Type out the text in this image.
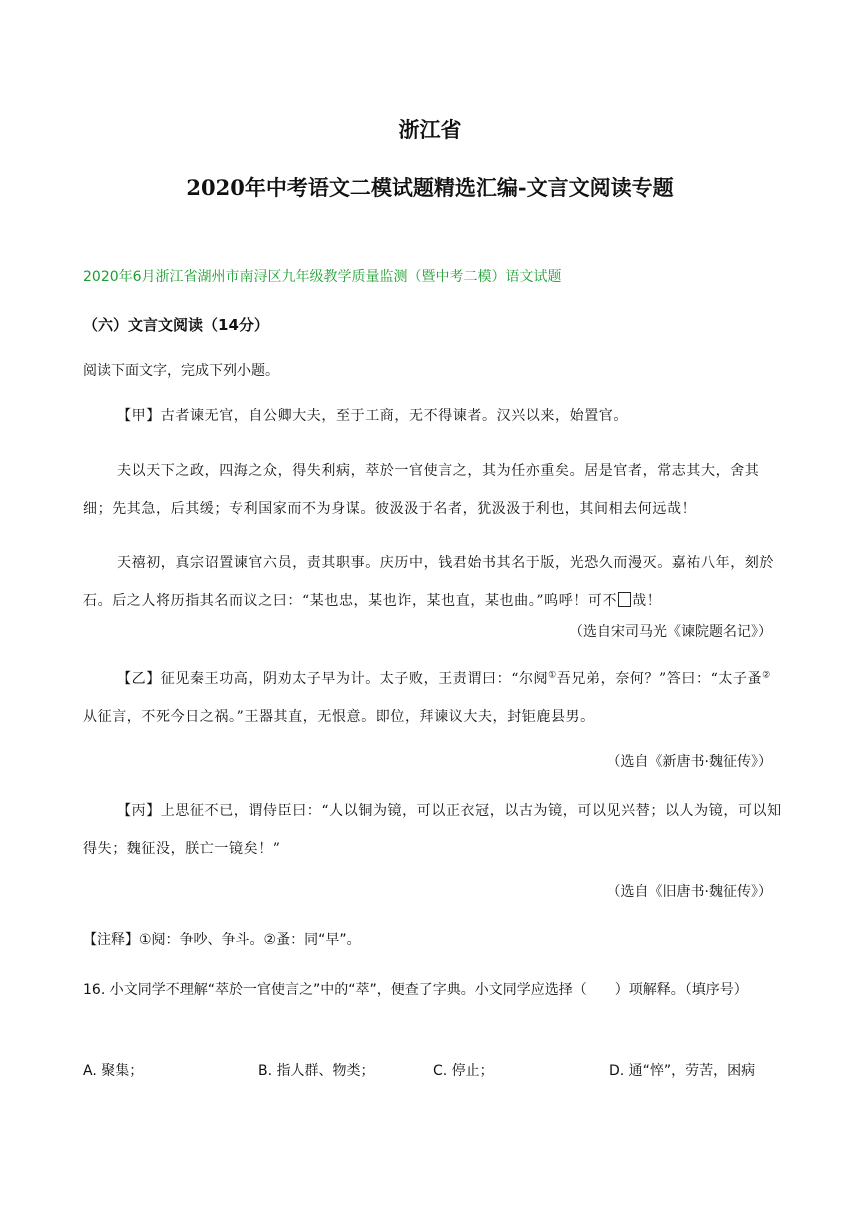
浙江省
2020年中考语文二模试题精选汇编-文言文阅读专题
2020年6月浙江省湖州市南浔区九年级教学质量监测（暨中考二模）语文试题
（六）文言文阅读（14分）
阅读下面文字，完成下列小题。
【甲】古者谏无官，自公卿大夫，至于工商，无不得谏者。汉兴以来，始置官。
夫以天下之政，四海之众，得失利病，萃於一官使言之，其为任亦重矣。居是官者，常志其大，舍其细；先其急，后其缓；专利国家而不为身谋。彼汲汲于名者，犹汲汲于利也，其间相去何远哉！
天禧初，真宗诏置谏官六员，责其职事。庆历中，钱君始书其名于版，光恐久而漫灭。嘉祐八年，刻於石。后之人将历指其名而议之曰：“某也忠，某也诈，某也直，某也曲。”呜呼！可不 哉！
（选自宋司马光《谏院题名记》）
【乙】征见秦王功高，阴劝太子早为计。太子败，王责谓曰：“尔阋①吾兄弟，奈何？”答曰：“太子蚤②从征言，不死今日之祸。”王器其直，无恨意。即位，拜谏议大夫，封钜鹿县男。
（选自《新唐书·魏征传》）
【丙】上思征不已，谓侍臣曰：“人以铜为镜，可以正衣冠，以古为镜，可以见兴替；以人为镜，可以知得失；魏征没，朕亡一镜矣！”
（选自《旧唐书·魏征传》）
【注释】①阋：争吵、争斗。②蚤：同“早”。
16. 小文同学不理解“萃於一官使言之”中的“萃”，便查了字典。小文同学应选择（　　）项解释。（填序号）
A. 聚集；	B. 指人群、物类；	C. 停止；	D. 通“悴”，劳苦，困病
